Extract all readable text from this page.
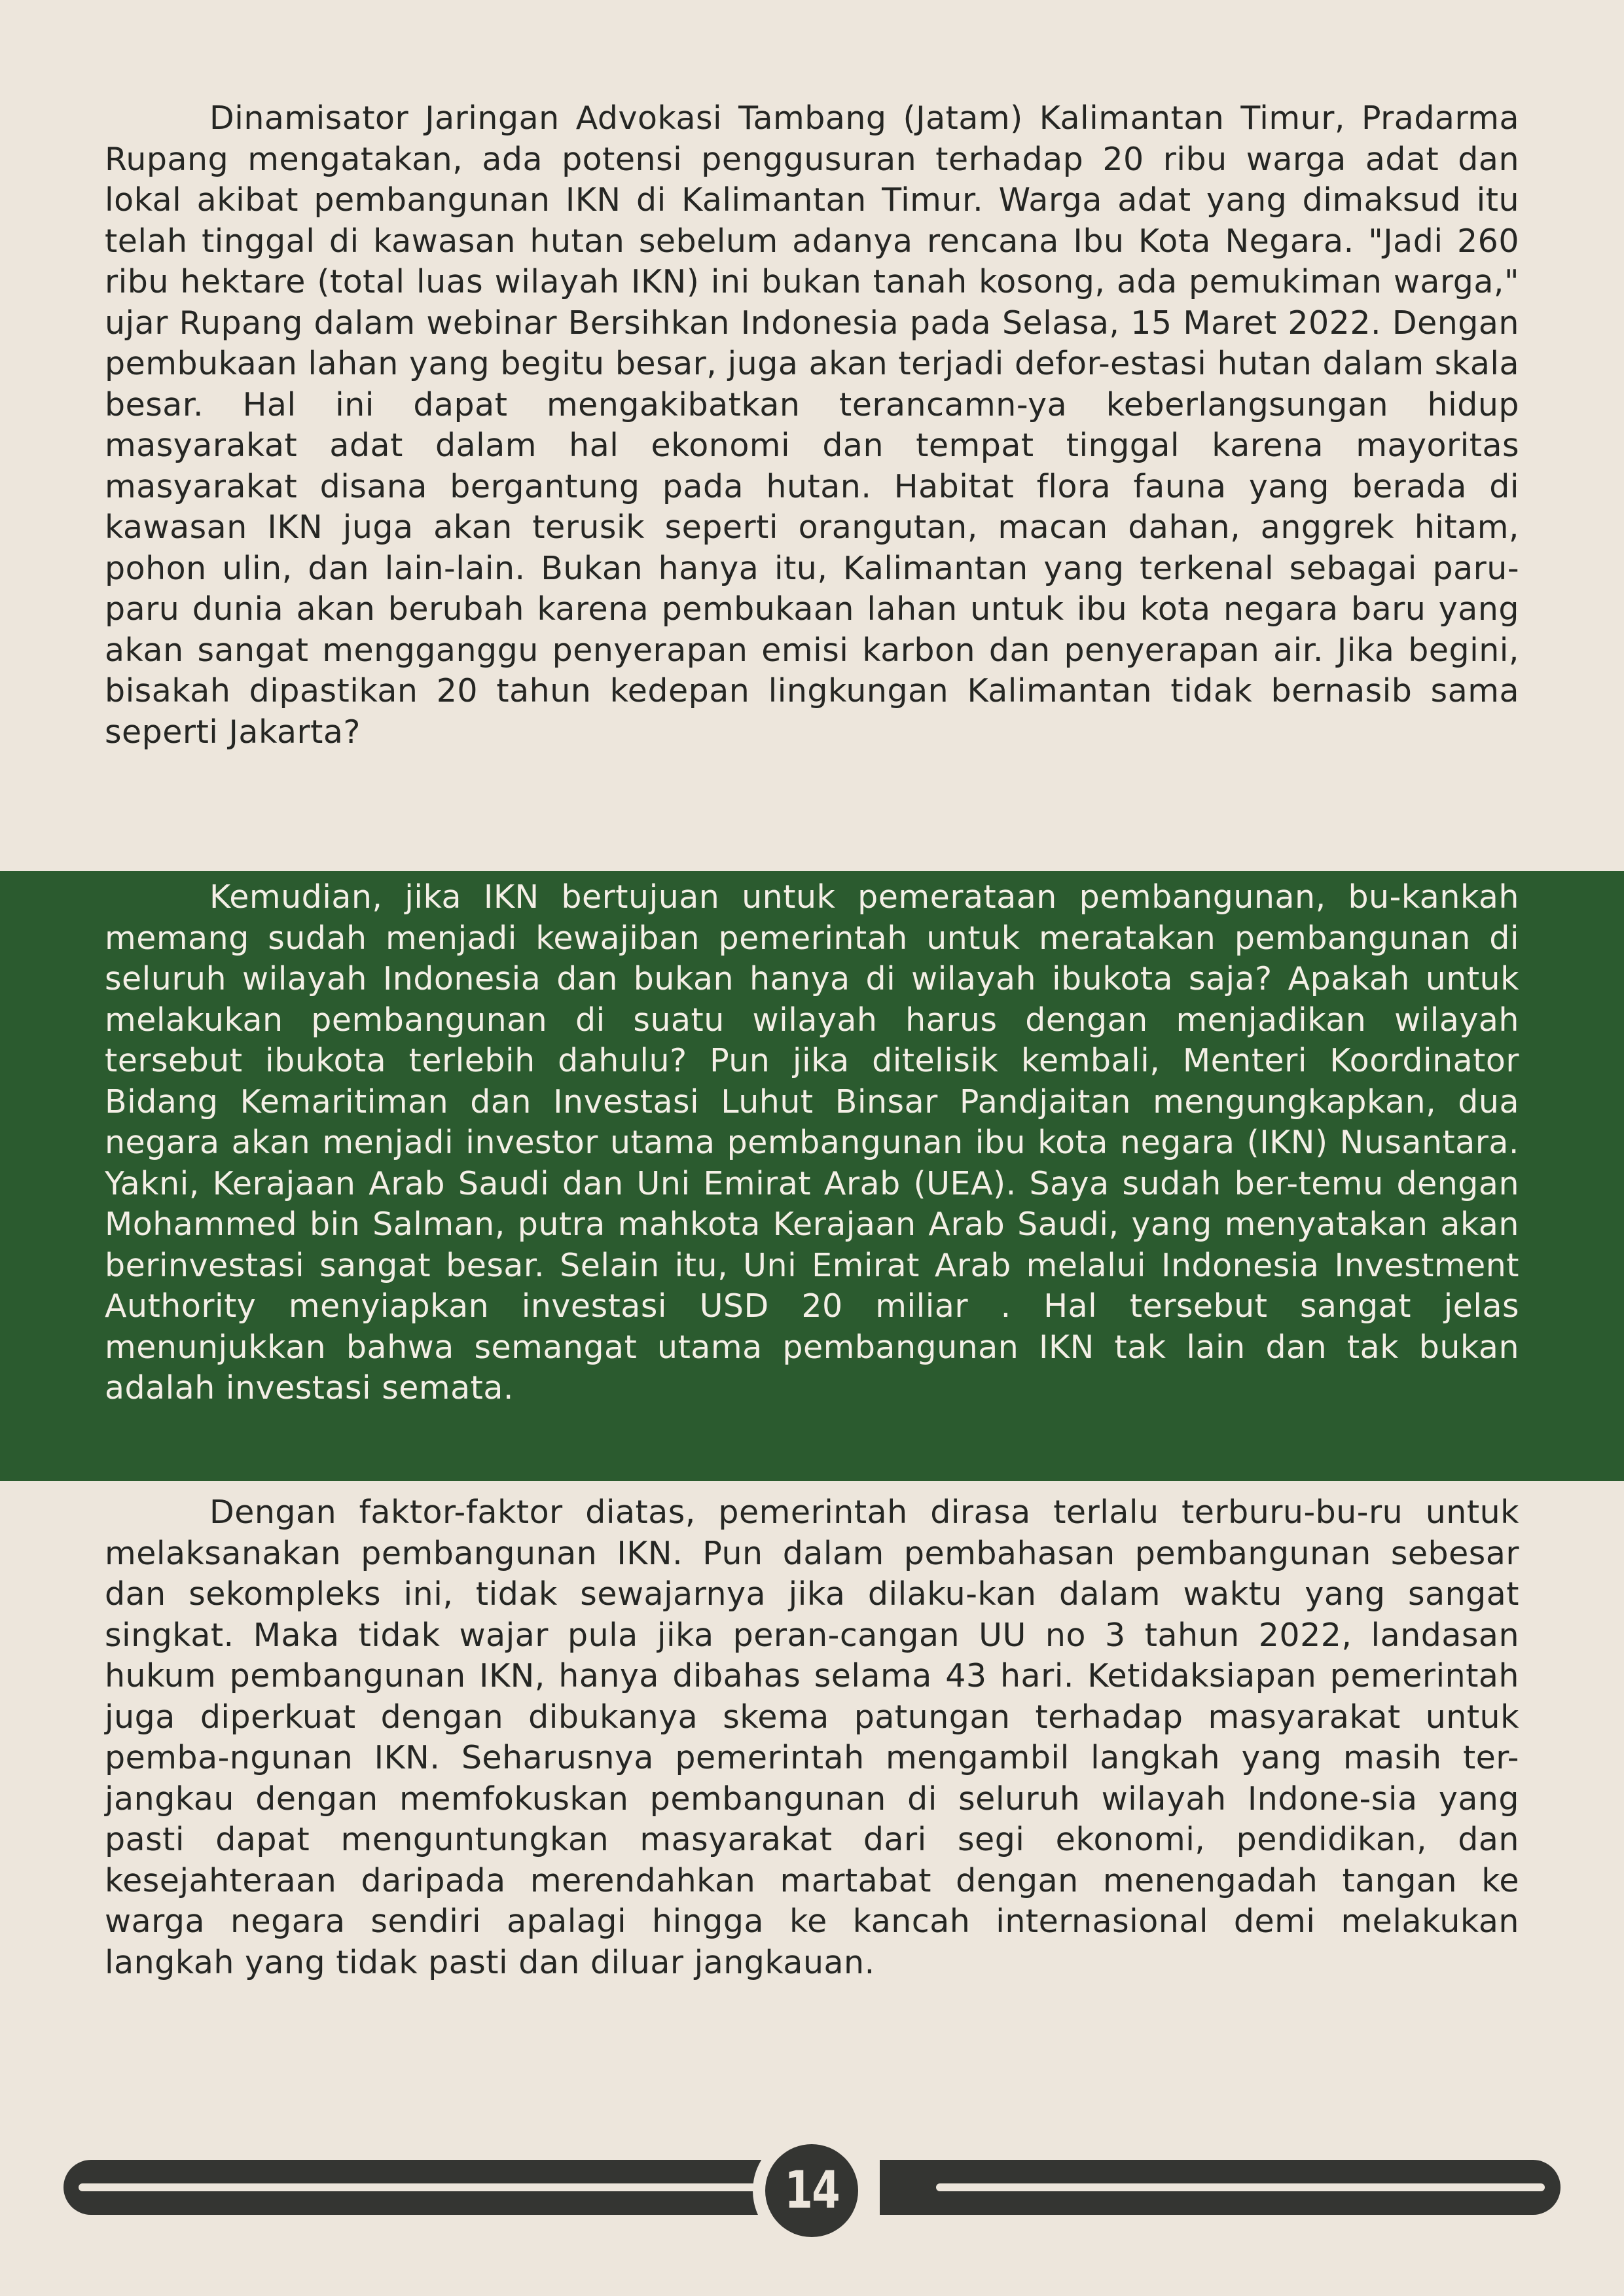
Dinamisator Jaringan Advokasi Tambang (Jatam) Kalimantan Timur, Pradarma Rupang mengatakan, ada potensi penggusuran terhadap 20 ribu warga adat dan lokal akibat pembangunan IKN di Kalimantan Timur. Warga adat yang dimaksud itu telah tinggal di kawasan hutan sebelum adanya rencana Ibu Kota Negara. "Jadi 260 ribu hektare (total luas wilayah IKN) ini bukan tanah kosong, ada pemukiman warga," ujar Rupang dalam webinar Bersihkan Indonesia pada Selasa, 15 Maret 2022. Dengan pembukaan lahan yang begitu besar, juga akan terjadi defor-estasi hutan dalam skala besar. Hal ini dapat mengakibatkan terancamn-ya keberlangsungan hidup masyarakat adat dalam hal ekonomi dan tempat tinggal karena mayoritas masyarakat disana bergantung pada hutan. Habitat flora fauna yang berada di kawasan IKN juga akan terusik seperti orangutan, macan dahan, anggrek hitam, pohon ulin, dan lain-lain. Bukan hanya itu, Kalimantan yang terkenal sebagai paru-paru dunia akan berubah karena pembukaan lahan untuk ibu kota negara baru yang akan sangat mengganggu penyerapan emisi karbon dan penyerapan air. Jika begini, bisakah dipastikan 20 tahun kedepan lingkungan Kalimantan tidak bernasib sama seperti Jakarta?

Kemudian, jika IKN bertujuan untuk pemerataan pembangunan, bu-kankah memang sudah menjadi kewajiban pemerintah untuk meratakan pembangunan di seluruh wilayah Indonesia dan bukan hanya di wilayah ibukota saja? Apakah untuk melakukan pembangunan di suatu wilayah harus dengan menjadikan wilayah tersebut ibukota terlebih dahulu? Pun jika ditelisik kembali, Menteri Koordinator Bidang Kemaritiman dan Investasi Luhut Binsar Pandjaitan mengungkapkan, dua negara akan menjadi investor utama pembangunan ibu kota negara (IKN) Nusantara. Yakni, Kerajaan Arab Saudi dan Uni Emirat Arab (UEA). Saya sudah ber-temu dengan Mohammed bin Salman, putra mahkota Kerajaan Arab Saudi, yang menyatakan akan berinvestasi sangat besar. Selain itu, Uni Emirat Arab melalui Indonesia Investment Authority menyiapkan investasi USD 20 miliar . Hal tersebut sangat jelas menunjukkan bahwa semangat utama pembangunan IKN tak lain dan tak bukan adalah investasi semata.

Dengan faktor-faktor diatas, pemerintah dirasa terlalu terburu-bu-ru untuk melaksanakan pembangunan IKN. Pun dalam pembahasan pembangunan sebesar dan sekompleks ini, tidak sewajarnya jika dilaku-kan dalam waktu yang sangat singkat. Maka tidak wajar pula jika peran-cangan UU no 3 tahun 2022, landasan hukum pembangunan IKN, hanya dibahas selama 43 hari. Ketidaksiapan pemerintah juga diperkuat dengan dibukanya skema patungan terhadap masyarakat untuk pemba-ngunan IKN. Seharusnya pemerintah mengambil langkah yang masih ter-jangkau dengan memfokuskan pembangunan di seluruh wilayah Indone-sia yang pasti dapat menguntungkan masyarakat dari segi ekonomi, pendidikan, dan kesejahteraan daripada merendahkan martabat dengan menengadah tangan ke warga negara sendiri apalagi hingga ke kancah internasional demi melakukan langkah yang tidak pasti dan diluar jangkauan.

14
